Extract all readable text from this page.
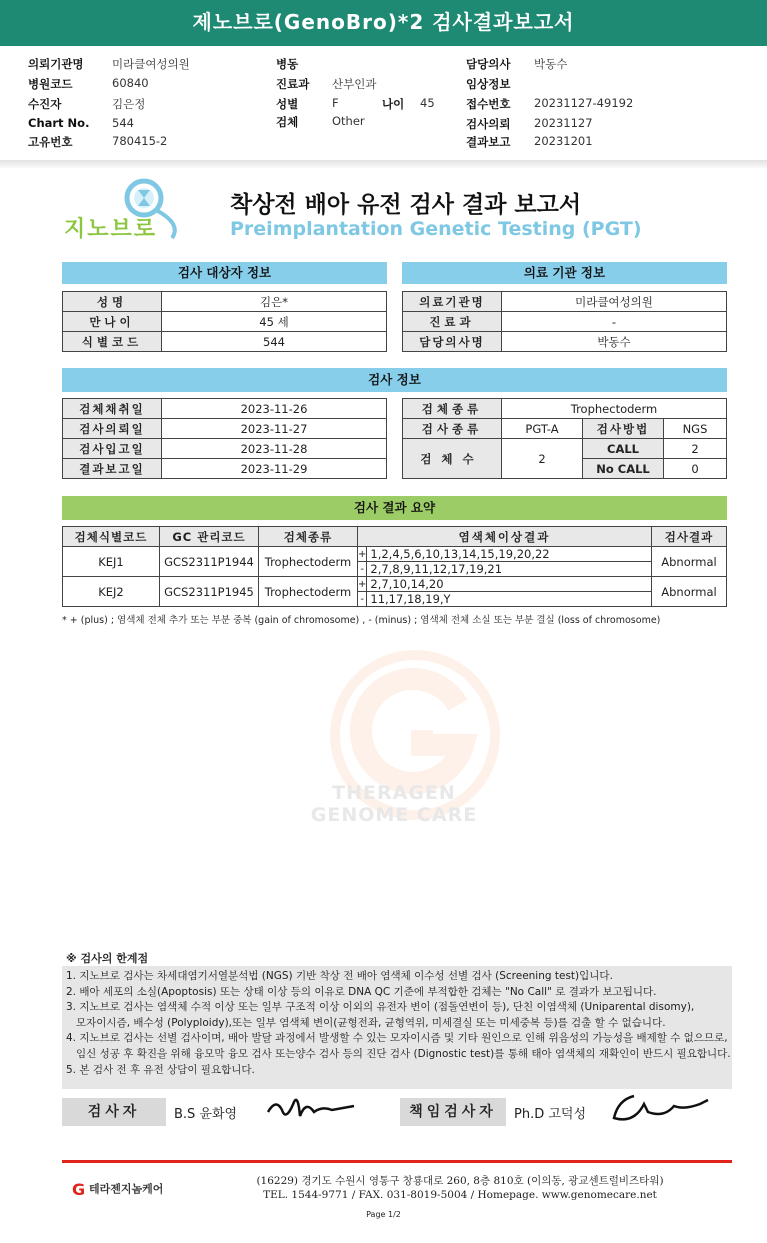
제노브로(GenoBro)*2 검사결과보고서
의뢰기관명 미라클여성의원
병원코드	60840
수진자	김은정
Chart No. 544
고유번호	780415-2
병동
진료과 산부인과
성별	F	나이 45
검체	Other
담당의사 박동수
임상정보
접수번호 20231127-49192
검사의뢰 20231127
결과보고 20231201
지노브로
착상전 배아 유전 검사 결과 보고서
Preimplantation Genetic Testing (PGT)
검사 대상자 정보
성명	김은*
만나이	45 세
식별코드	544
의료 기관 정보
의료기관명	미라클여성의원
진료과	-
담당의사명	박동수
검사 정보
검체채취일	2023-11-26
검사의뢰일	2023-11-27
검사입고일	2023-11-28
결과보고일	2023-11-29
검체종류	Trophectoderm		
검사종류	PGT-A	검사방법	NGS
검체수	2	CALL	2
		No CALL	0
검사 결과 요약
검체식별코드	GC 관리코드	검체종류	염색체이상결과		검사결과
KEJ1	GCS2311P1944	Trophectoderm	+	1,2,4,5,6,10,13,14,15,19,20,22	Abnormal
			-	2,7,8,9,11,12,17,19,21	
KEJ2	GCS2311P1945	Trophectoderm	+	2,7,10,14,20	Abnormal
			-	11,17,18,19,Y	
* + (plus) ; 염색체 전체 추가 또는 부분 중복 (gain of chromosome) , - (minus) ; 염색체 전체 소실 또는 부분 결실 (loss of chromosome)
THERAGEN
GENOME CARE
※ 검사의 한계점
1. 지노브로 검사는 차세대염기서열분석법 (NGS) 기반 착상 전 배아 염색체 이수성 선별 검사 (Screening test)입니다.
2. 배아 세포의 소실(Apoptosis) 또는 상태 이상 등의 이유로 DNA QC 기준에 부적합한 검체는 "No Call" 로 결과가 보고됩니다.
3. 지노브로 검사는 염색체 수적 이상 또는 일부 구조적 이상 이외의 유전자 변이 (점돌연변이 등), 단친 이염색체 (Uniparental disomy),
모자이시즘, 배수성 (Polyploidy),또는 일부 염색체 변이(균형전좌, 균형역위, 미세결실 또는 미세중복 등)를 검출 할 수 없습니다.
4. 지노브로 검사는 선별 검사이며, 배아 발달 과정에서 발생할 수 있는 모자이시즘 및 기타 원인으로 인해 위음성의 가능성을 배제할 수 없으므로,
임신 성공 후 확진을 위해 융모막 융모 검사 또는양수 검사 등의 진단 검사 (Dignostic test)를 통해 태아 염색체의 재확인이 반드시 필요합니다.
5. 본 검사 전 후 유전 상담이 필요합니다.
검사자	B.S 윤화영	책임검사자	Ph.D 고덕성
G 테라젠지놈케어
(16229) 경기도 수원시 영통구 창룡대로 260, 8층 810호 (이의동, 광교센트럴비즈타워)
TEL. 1544-9771 / FAX. 031-8019-5004 / Homepage. www.genomecare.net
Page 1/2
